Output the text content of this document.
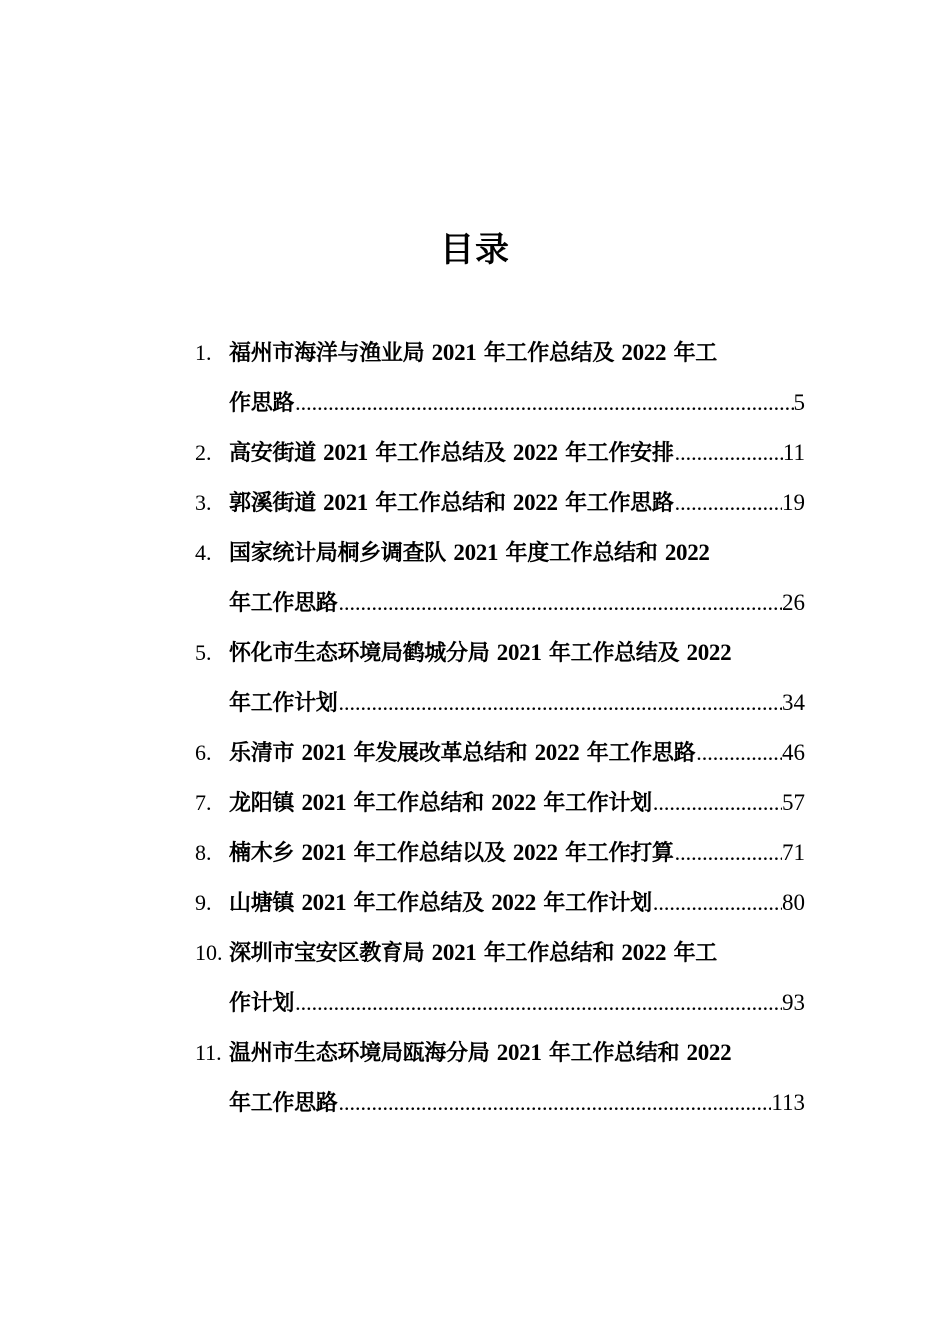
目录
1. 福州市海洋与渔业局 2021 年工作总结及 2022 年工
作思路 .....	5
2. 高安街道 2021 年工作总结及 2022 年工作安排 .....	11
3. 郭溪街道 2021 年工作总结和 2022 年工作思路 .....	19
4. 国家统计局桐乡调查队 2021 年度工作总结和 2022
年工作思路 .....	26
5. 怀化市生态环境局鹤城分局 2021 年工作总结及 2022
年工作计划 .....	34
6. 乐清市 2021 年发展改革总结和 2022 年工作思路 .....	46
7. 龙阳镇 2021 年工作总结和 2022 年工作计划 .....	57
8. 楠木乡 2021 年工作总结以及 2022 年工作打算 .....	71
9. 山塘镇 2021 年工作总结及 2022 年工作计划 .....	80
10. 深圳市宝安区教育局 2021 年工作总结和 2022 年工
作计划 .....	93
11. 温州市生态环境局瓯海分局 2021 年工作总结和 2022
年工作思路 .....	113
